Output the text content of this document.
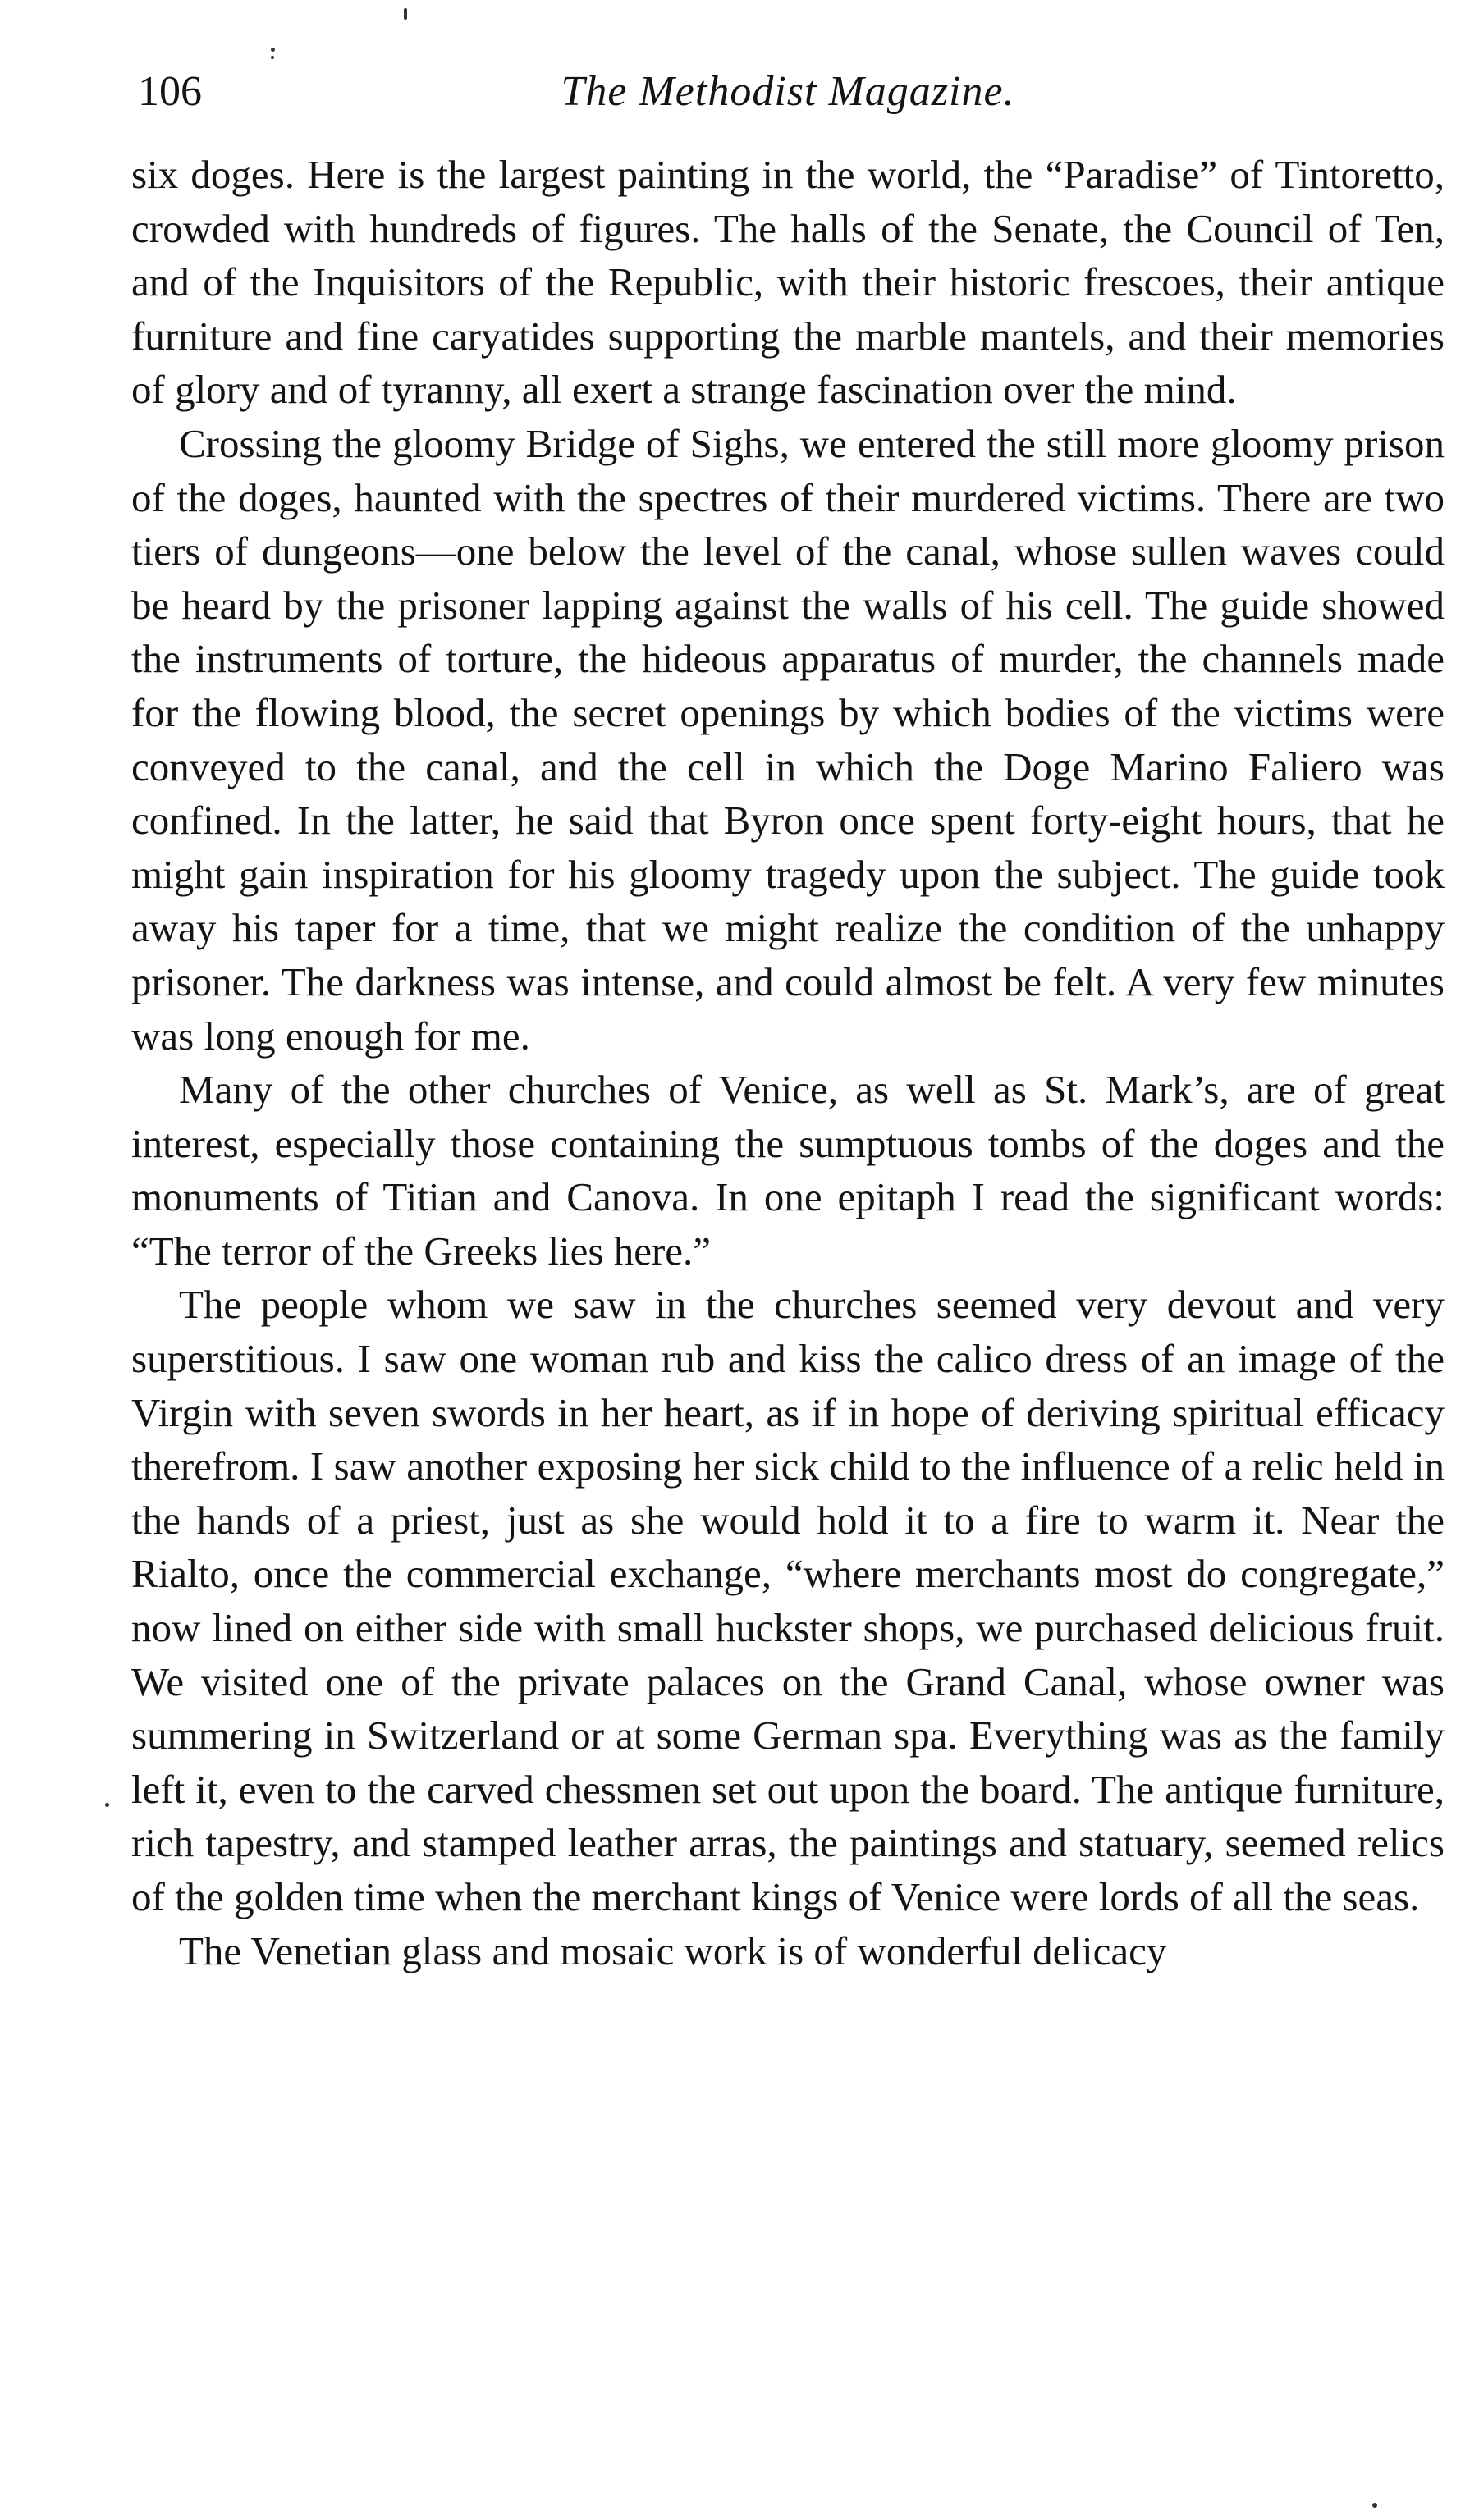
106	The Methodist Magazine.

six doges. Here is the largest painting in the world, the “Paradise” of Tintoretto, crowded with hundreds of figures. The halls of the Senate, the Council of Ten, and of the Inquisitors of the Republic, with their historic frescoes, their antique furniture and fine caryatides supporting the marble mantels, and their memories of glory and of tyranny, all exert a strange fascination over the mind.

Crossing the gloomy Bridge of Sighs, we entered the still more gloomy prison of the doges, haunted with the spectres of their murdered victims. There are two tiers of dungeons—one below the level of the canal, whose sullen waves could be heard by the prisoner lapping against the walls of his cell. The guide showed the instruments of torture, the hideous apparatus of murder, the channels made for the flowing blood, the secret openings by which bodies of the victims were conveyed to the canal, and the cell in which the Doge Marino Faliero was confined. In the latter, he said that Byron once spent forty-eight hours, that he might gain inspiration for his gloomy tragedy upon the subject. The guide took away his taper for a time, that we might realize the condition of the unhappy prisoner. The darkness was intense, and could almost be felt. A very few minutes was long enough for me.

Many of the other churches of Venice, as well as St. Mark’s, are of great interest, especially those containing the sumptuous tombs of the doges and the monuments of Titian and Canova. In one epitaph I read the significant words: “The terror of the Greeks lies here.”

The people whom we saw in the churches seemed very devout and very superstitious. I saw one woman rub and kiss the calico dress of an image of the Virgin with seven swords in her heart, as if in hope of deriving spiritual efficacy therefrom. I saw another exposing her sick child to the influence of a relic held in the hands of a priest, just as she would hold it to a fire to warm it. Near the Rialto, once the commercial exchange, “where merchants most do congregate,” now lined on either side with small huckster shops, we purchased delicious fruit. We visited one of the private palaces on the Grand Canal, whose owner was summering in Switzerland or at some German spa. Everything was as the family left it, even to the carved chessmen set out upon the board. The antique furniture, rich tapestry, and stamped leather arras, the paintings and statuary, seemed relics of the golden time when the merchant kings of Venice were lords of all the seas.

The Venetian glass and mosaic work is of wonderful delicacy
